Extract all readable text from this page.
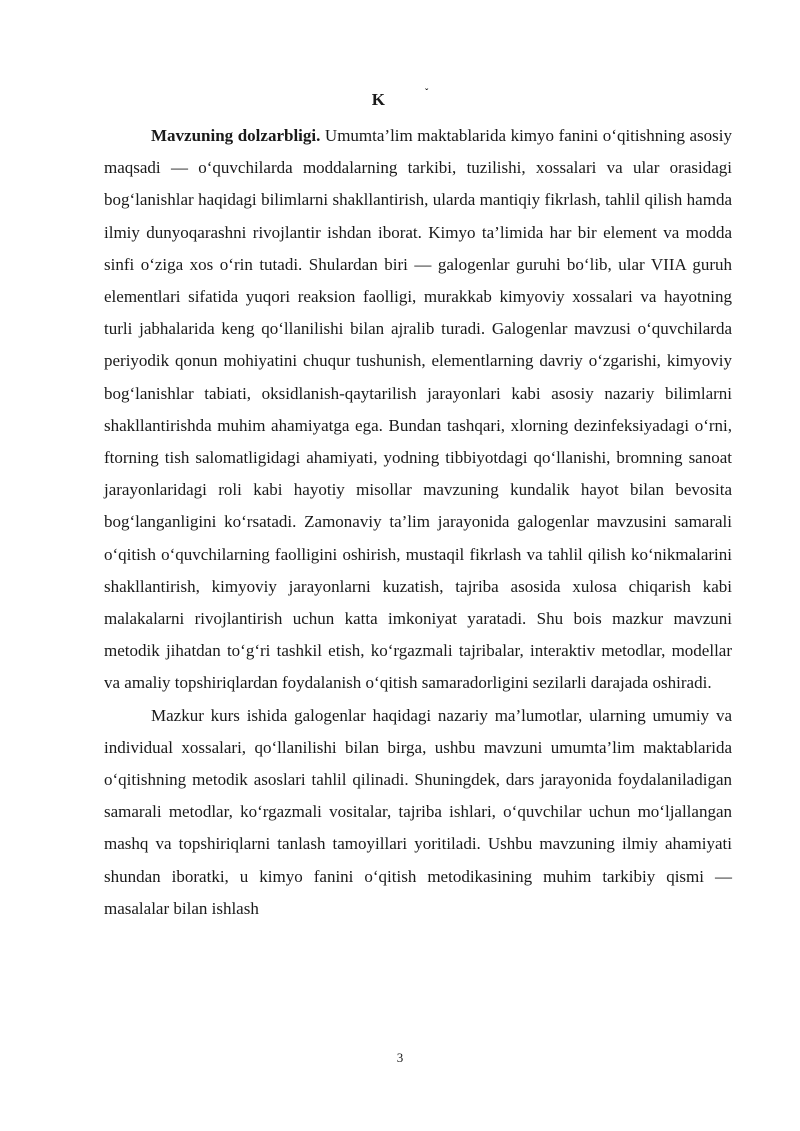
K	ˇ

Mavzuning dolzarbligi. Umumta’lim maktablarida kimyo fanini o‘qitishning asosiy maqsadi — o‘quvchilarda moddalarning tarkibi, tuzilishi, xossalari va ular orasidagi bog‘lanishlar haqidagi bilimlarni shakllantirish, ularda mantiqiy fikrlash, tahlil qilish hamda ilmiy dunyoqarashni rivojlantir ishdan iborat. Kimyo ta’limida har bir element va modda sinfi o‘ziga xos o‘rin tutadi. Shulardan biri — galogenlar guruhi bo‘lib, ular VIIA guruh elementlari sifatida yuqori reaksion faolligi, murakkab kimyoviy xossalari va hayotning turli jabhalarida keng qo‘llanilishi bilan ajralib turadi. Galogenlar mavzusi o‘quvchilarda periyodik qonun mohiyatini chuqur tushunish, elementlarning davriy o‘zgarishi, kimyoviy bog‘lanishlar tabiati, oksidlanish-qaytarilish jarayonlari kabi asosiy nazariy bilimlarni shakllantirishda muhim ahamiyatga ega. Bundan tashqari, xlorning dezinfeksiyadagi o‘rni, ftorning tish salomatligidagi ahamiyati, yodning tibbiyotdagi qo‘llanishi, bromning sanoat jarayonlaridagi roli kabi hayotiy misollar mavzuning kundalik hayot bilan bevosita bog‘langanligini ko‘rsatadi. Zamonaviy ta’lim jarayonida galogenlar mavzusini samarali o‘qitish o‘quvchilarning faolligini oshirish, mustaqil fikrlash va tahlil qilish ko‘nikmalarini shakllantirish, kimyoviy jarayonlarni kuzatish, tajriba asosida xulosa chiqarish kabi malakalarni rivojlantirish uchun katta imkoniyat yaratadi. Shu bois mazkur mavzuni metodik jihatdan to‘g‘ri tashkil etish, ko‘rgazmali tajribalar, interaktiv metodlar, modellar va amaliy topshiriqlardan foydalanish o‘qitish samaradorligini sezilarli darajada oshiradi.

Mazkur kurs ishida galogenlar haqidagi nazariy ma’lumotlar, ularning umumiy va individual xossalari, qo‘llanilishi bilan birga, ushbu mavzuni umumta’lim maktablarida o‘qitishning metodik asoslari tahlil qilinadi. Shuningdek, dars jarayonida foydalaniladigan samarali metodlar, ko‘rgazmali vositalar, tajriba ishlari, o‘quvchilar uchun mo‘ljallangan mashq va topshiriqlarni tanlash tamoyillari yoritiladi. Ushbu mavzuning ilmiy ahamiyati shundan iboratki, u kimyo fanini o‘qitish metodikasining muhim tarkibiy qismi — masalalar bilan ishlash

3
